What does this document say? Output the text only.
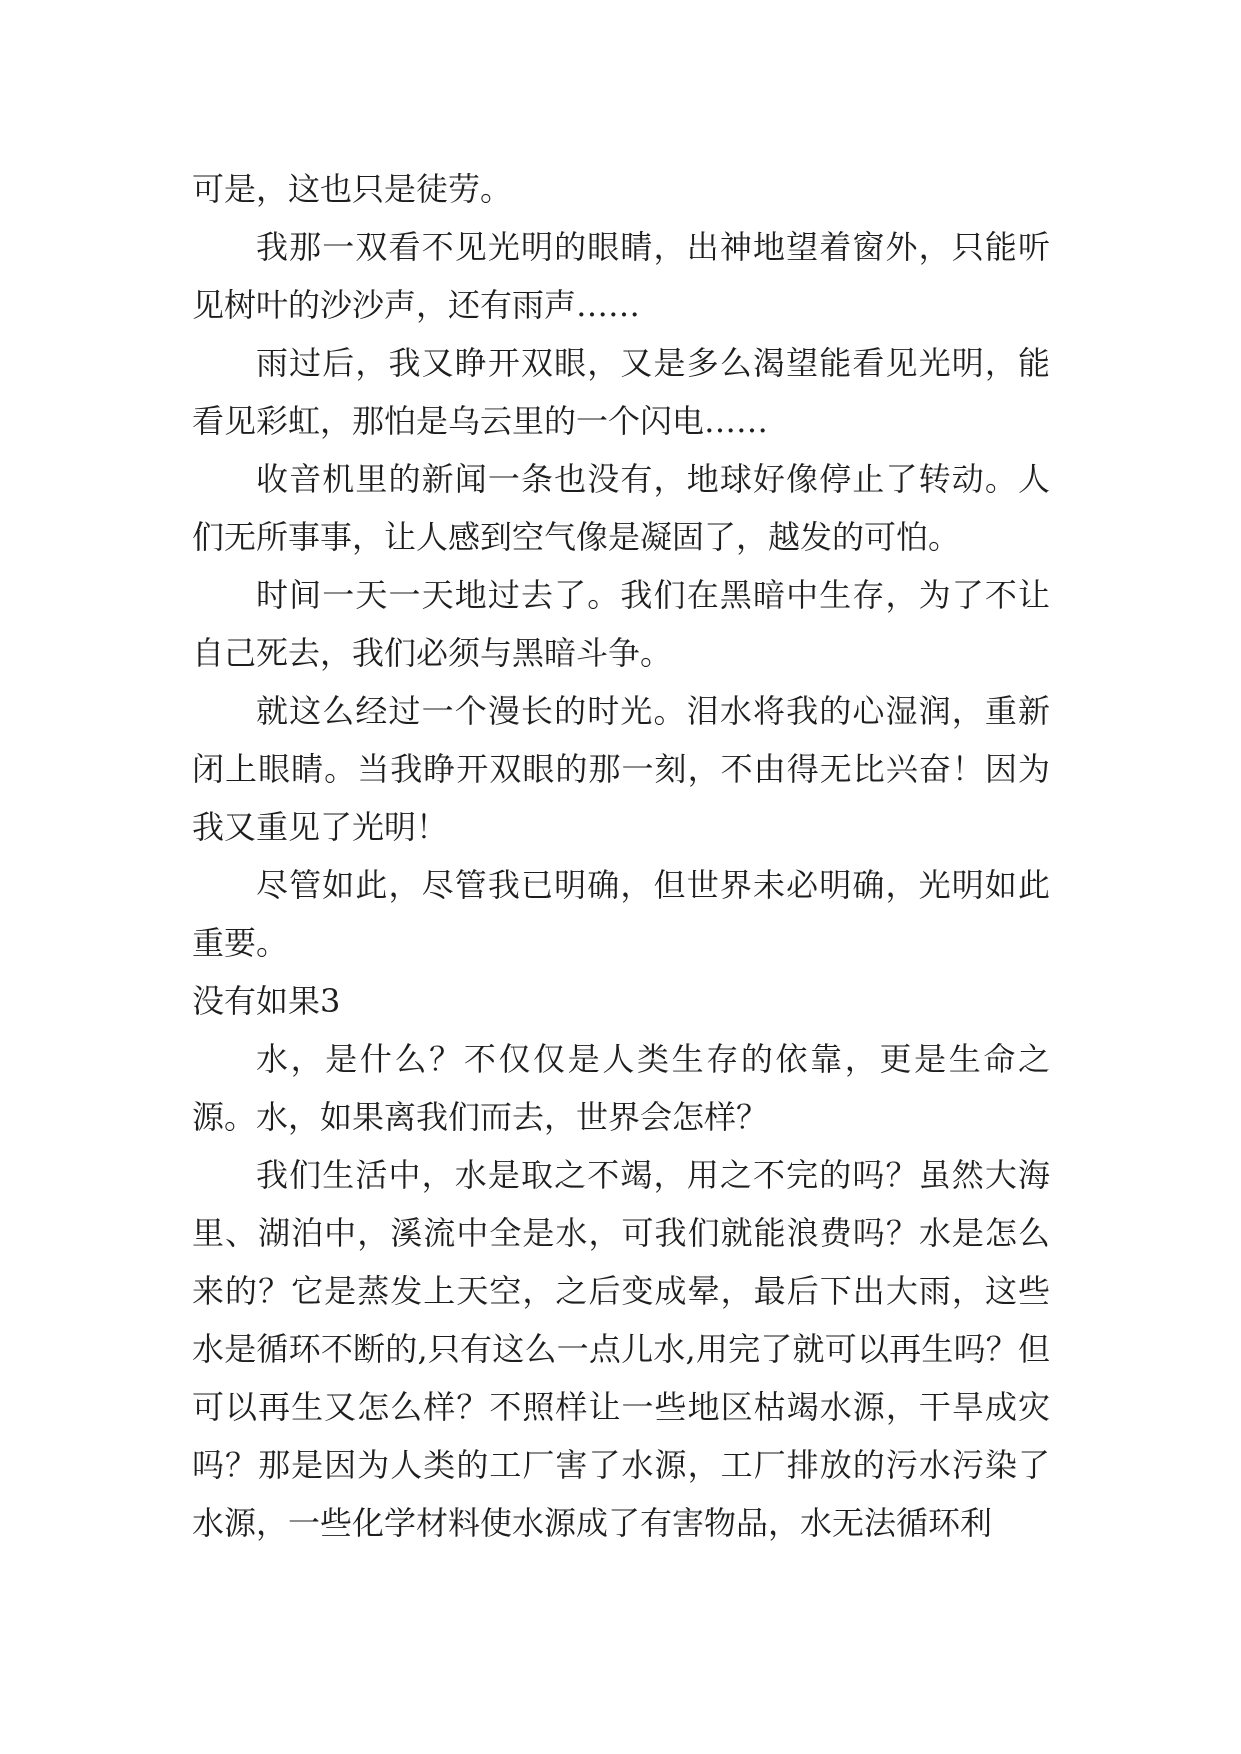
可是，这也只是徒劳。

我那一双看不见光明的眼睛，出神地望着窗外，只能听见树叶的沙沙声，还有雨声……

雨过后，我又睁开双眼，又是多么渴望能看见光明，能看见彩虹，那怕是乌云里的一个闪电……

收音机里的新闻一条也没有，地球好像停止了转动。人们无所事事，让人感到空气像是凝固了，越发的可怕。

时间一天一天地过去了。我们在黑暗中生存，为了不让自己死去，我们必须与黑暗斗争。

就这么经过一个漫长的时光。泪水将我的心湿润，重新闭上眼睛。当我睁开双眼的那一刻，不由得无比兴奋！因为我又重见了光明！

尽管如此，尽管我已明确，但世界未必明确，光明如此重要。

没有如果3

水，是什么？不仅仅是人类生存的依靠，更是生命之源。水，如果离我们而去，世界会怎样？

我们生活中，水是取之不竭，用之不完的吗？虽然大海里、湖泊中，溪流中全是水，可我们就能浪费吗？水是怎么来的？它是蒸发上天空，之后变成晕，最后下出大雨，这些水是循环不断的,只有这么一点儿水,用完了就可以再生吗？但可以再生又怎么样？不照样让一些地区枯竭水源，干旱成灾吗？那是因为人类的工厂害了水源，工厂排放的污水污染了水源，一些化学材料使水源成了有害物品，水无法循环利
